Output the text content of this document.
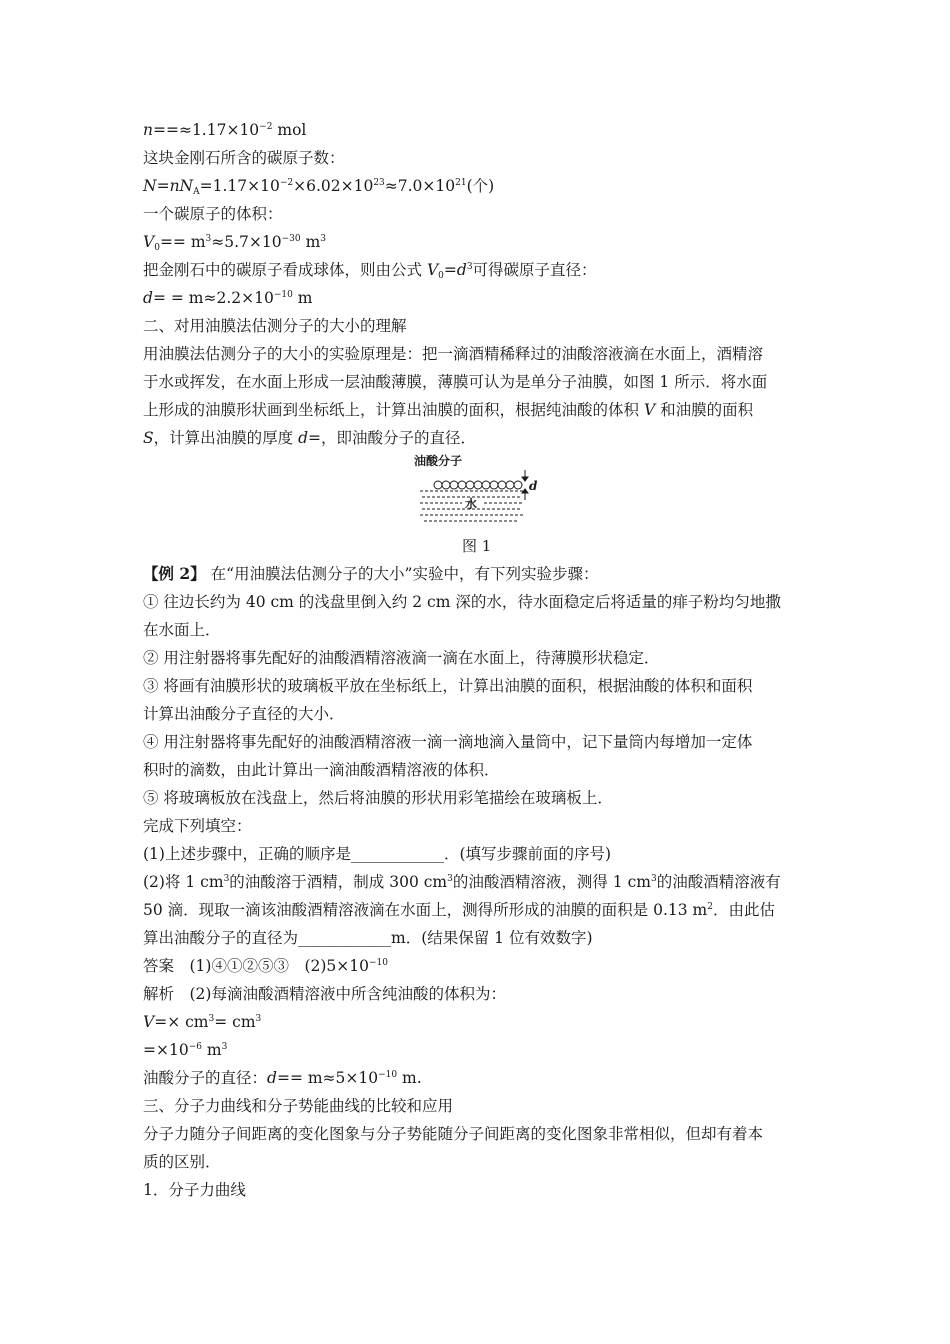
$n==\approx 1.17\times 10^{-2}$ mol
这块金刚石所含的碳原子数：
$N=nN_A=1.17\times 10^{-2}\times 6.02\times 10^{23}\approx 7.0\times 10^{21}$(个)
一个碳原子的体积：
$V_0== m^3\approx 5.7\times 10^{-30}$ $m^3$
把金刚石中的碳原子看成球体，则由公式 $V_0=d^3$可得碳原子直径：
$d= = m\approx 2.2\times 10^{-10}$ m
二、对用油膜法估测分子的大小的理解
用油膜法估测分子的大小的实验原理是：把一滴酒精稀释过的油酸溶液滴在水面上，酒精溶
于水或挥发，在水面上形成一层油酸薄膜，薄膜可认为是单分子油膜，如图 1 所示．将水面
上形成的油膜形状画到坐标纸上，计算出油膜的面积，根据纯油酸的体积 V 和油膜的面积
S，计算出油膜的厚度 d=，即油酸分子的直径．
油酸分子
d
水
图 1
【例 2】 在“用油膜法估测分子的大小”实验中，有下列实验步骤：
① 往边长约为 40 cm 的浅盘里倒入约 2 cm 深的水，待水面稳定后将适量的痱子粉均匀地撒
在水面上．
② 用注射器将事先配好的油酸酒精溶液滴一滴在水面上，待薄膜形状稳定．
③ 将画有油膜形状的玻璃板平放在坐标纸上，计算出油膜的面积，根据油酸的体积和面积
计算出油酸分子直径的大小．
④ 用注射器将事先配好的油酸酒精溶液一滴一滴地滴入量筒中，记下量筒内每增加一定体
积时的滴数，由此计算出一滴油酸酒精溶液的体积．
⑤ 将玻璃板放在浅盘上，然后将油膜的形状用彩笔描绘在玻璃板上．
完成下列填空：
(1)上述步骤中，正确的顺序是____________．(填写步骤前面的序号)
(2)将 1 $cm^3$的油酸溶于酒精，制成 300 $cm^3$的油酸酒精溶液，测得 1 $cm^3$的油酸酒精溶液有
50 滴．现取一滴该油酸酒精溶液滴在水面上，测得所形成的油膜的面积是 0.13 $m^2$．由此估
算出油酸分子的直径为____________m．(结果保留 1 位有效数字)
答案　(1)④①②⑤③　$(2)5\times 10^{-10}$
解析　(2)每滴油酸酒精溶液中所含纯油酸的体积为：
$V=\times cm^3= cm^3$
$=\times 10^{-6}$ $m^3$
油酸分子的直径：$d== m\approx 5\times 10^{-10}$ m.
三、分子力曲线和分子势能曲线的比较和应用
分子力随分子间距离的变化图象与分子势能随分子间距离的变化图象非常相似，但却有着本
质的区别．
1．分子力曲线
